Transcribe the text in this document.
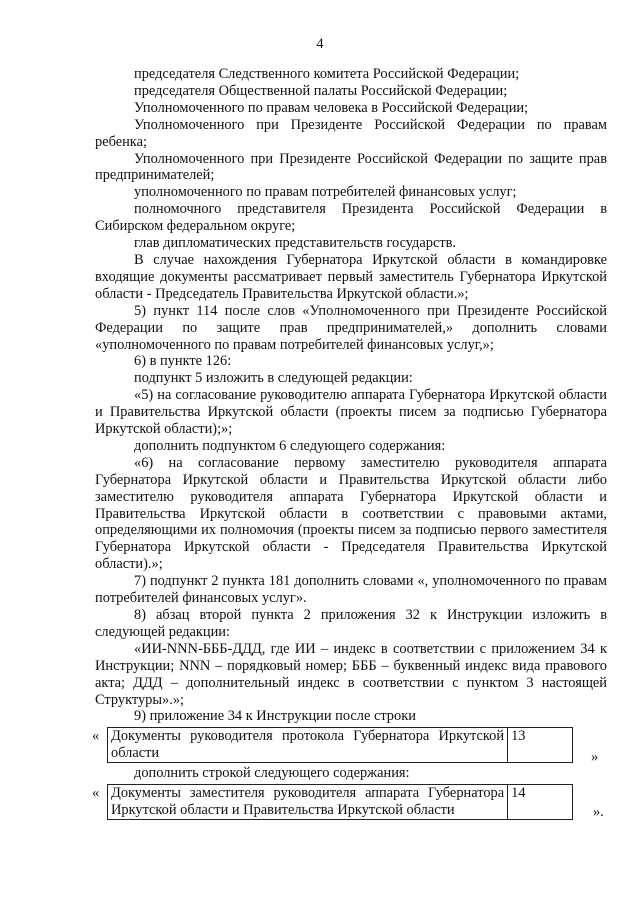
4

председателя Следственного комитета Российской Федерации;

председателя Общественной палаты Российской Федерации;

Уполномоченного по правам человека в Российской Федерации;

Уполномоченного при Президенте Российской Федерации по правам ребенка;

Уполномоченного при Президенте Российской Федерации по защите прав предпринимателей;

уполномоченного по правам потребителей финансовых услуг;

полномочного представителя Президента Российской Федерации в Сибирском федеральном округе;

глав дипломатических представительств государств.

В случае нахождения Губернатора Иркутской области в командировке входящие документы рассматривает первый заместитель Губернатора Иркутской области - Председатель Правительства Иркутской области.»;

5) пункт 114 после слов «Уполномоченного при Президенте Российской Федерации по защите прав предпринимателей,» дополнить словами «уполномоченного по правам потребителей финансовых услуг,»;

6) в пункте 126:

подпункт 5 изложить в следующей редакции:

«5) на согласование руководителю аппарата Губернатора Иркутской области и Правительства Иркутской области (проекты писем за подписью Губернатора Иркутской области);»;

дополнить подпунктом 6 следующего содержания:

«6) на согласование первому заместителю руководителя аппарата Губернатора Иркутской области и Правительства Иркутской области либо заместителю руководителя аппарата Губернатора Иркутской области и Правительства Иркутской области в соответствии с правовыми актами, определяющими их полномочия (проекты писем за подписью первого заместителя Губернатора Иркутской области - Председателя Правительства Иркутской области).»;

7) подпункт 2 пункта 181 дополнить словами «, уполномоченного по правам потребителей финансовых услуг».

8) абзац второй пункта 2 приложения 32 к Инструкции изложить в следующей редакции:

«ИИ-NNN-БББ-ДДД, где ИИ – индекс в соответствии с приложением 34 к Инструкции; NNN – порядковый номер; БББ – буквенный индекс вида правового акта; ДДД – дополнительный индекс в соответствии с пунктом 3 настоящей Структуры».»;

9) приложение 34 к Инструкции после строки

« Документы руководителя протокола Губернатора Иркутской области	13
»

дополнить строкой следующего содержания:

« Документы заместителя руководителя аппарата Губернатора Иркутской области и Правительства Иркутской области	14
».
